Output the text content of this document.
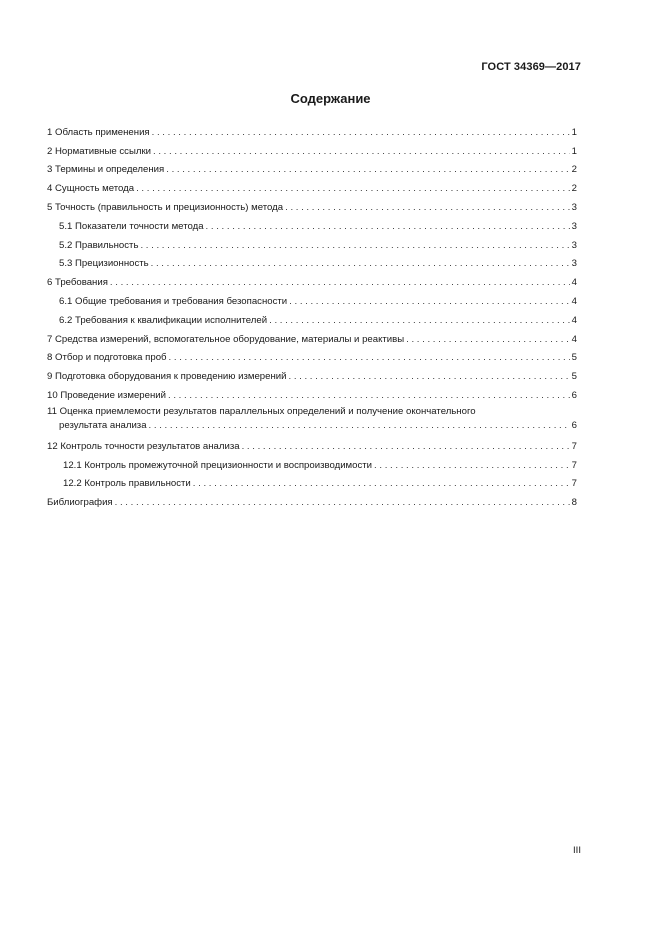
ГОСТ 34369—2017
Содержание
1 Область применения . . .	1
2 Нормативные ссылки . . .	1
3 Термины и определения . . .	2
4 Сущность метода . . .	2
5 Точность (правильность и прецизионность) метода . . .	3
5.1 Показатели точности метода . . .	3
5.2 Правильность . . .	3
5.3 Прецизионность . . .	3
6 Требования . . .	4
6.1 Общие требования и требования безопасности . . .	4
6.2 Требования к квалификации исполнителей . . .	4
7 Средства измерений, вспомогательное оборудование, материалы и реактивы . . .	4
8 Отбор и подготовка проб . . .	5
9 Подготовка оборудования к проведению измерений . . .	5
10 Проведение измерений . . .	6
11 Оценка приемлемости результатов параллельных определений и получение окончательного
результата анализа . . .	6
12 Контроль точности результатов анализа . . .	7
12.1 Контроль промежуточной прецизионности и воспроизводимости . . .	7
12.2 Контроль правильности . . .	7
Библиография . . .	8
III
